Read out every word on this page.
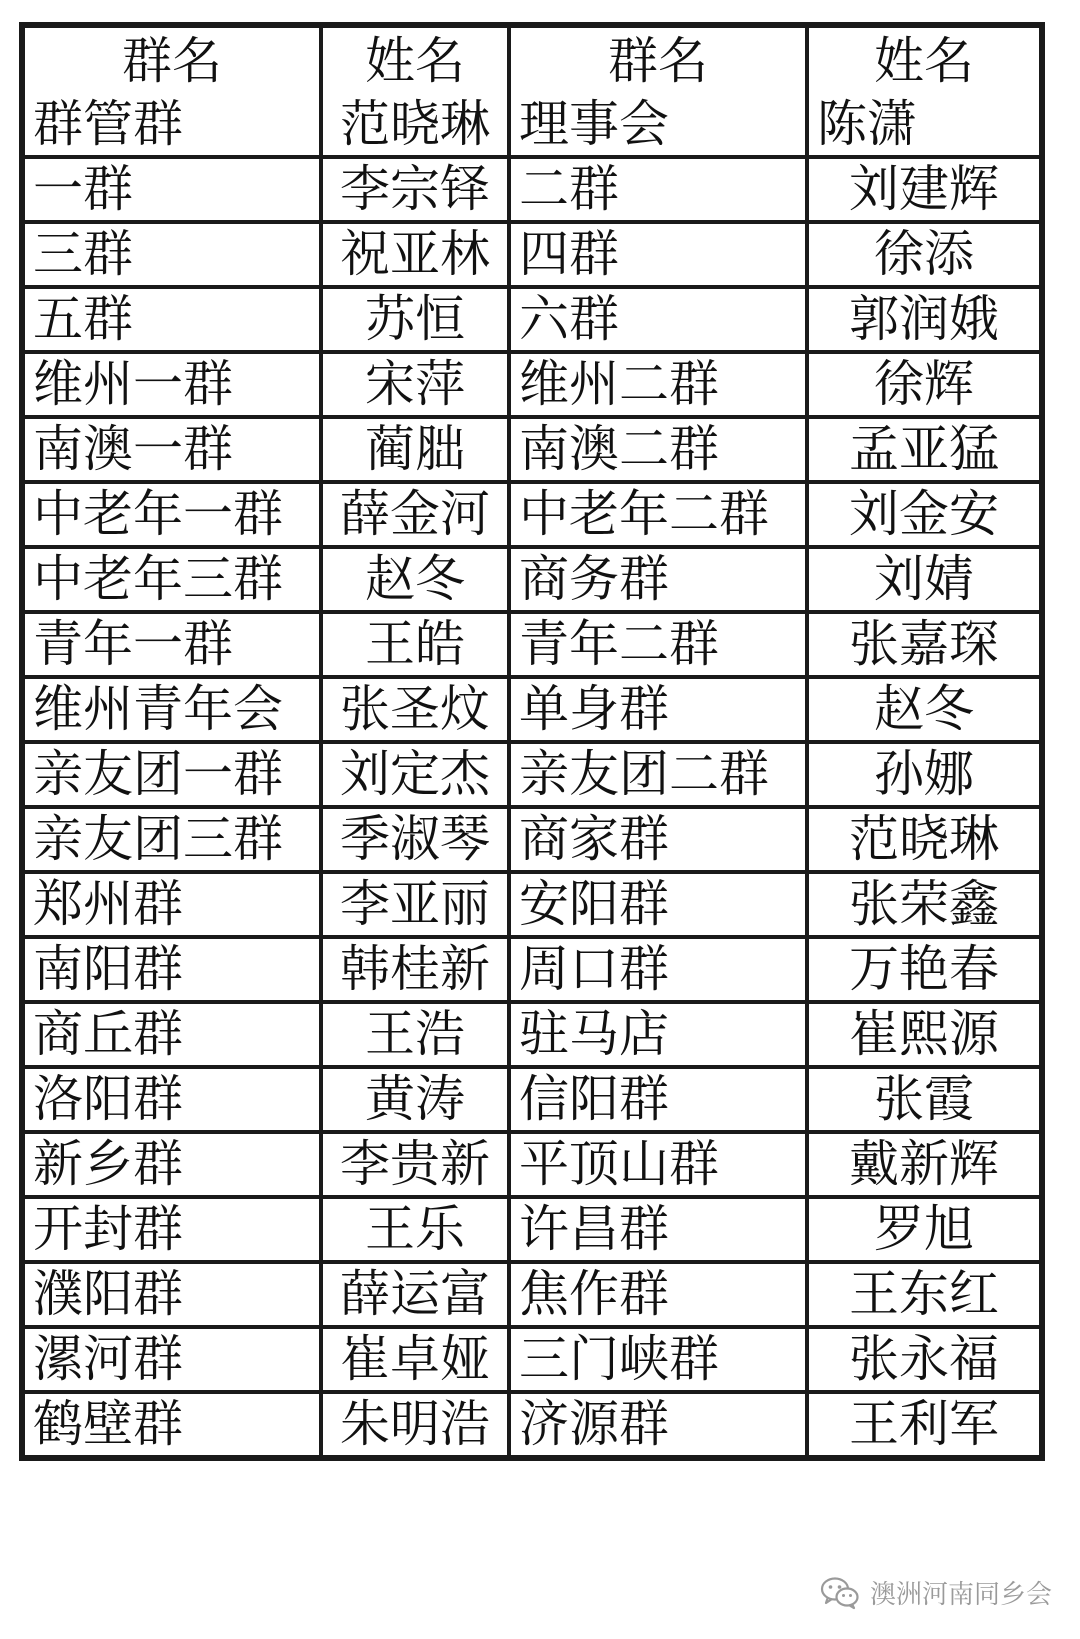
群名	姓名	群名	姓名
群管群	范晓琳	理事会	陈潇
一群	李宗铎	二群	刘建辉
三群	祝亚林	四群	徐添
五群	苏恒	六群	郭润娥
维州一群	宋萍	维州二群	徐辉
南澳一群	蔺胐	南澳二群	孟亚猛
中老年一群	薛金河	中老年二群	刘金安
中老年三群	赵冬	商务群	刘婧
青年一群	王皓	青年二群	张嘉琛
维州青年会	张圣炆	单身群	赵冬
亲友团一群	刘定杰	亲友团二群	孙娜
亲友团三群	季淑琴	商家群	范晓琳
郑州群	李亚丽	安阳群	张荣鑫
南阳群	韩桂新	周口群	万艳春
商丘群	王浩	驻马店	崔熙源
洛阳群	黄涛	信阳群	张霞
新乡群	李贵新	平顶山群	戴新辉
开封群	王乐	许昌群	罗旭
濮阳群	薛运富	焦作群	王东红
漯河群	崔卓娅	三门峡群	张永福
鹤壁群	朱明浩	济源群	王利军
澳洲河南同乡会
